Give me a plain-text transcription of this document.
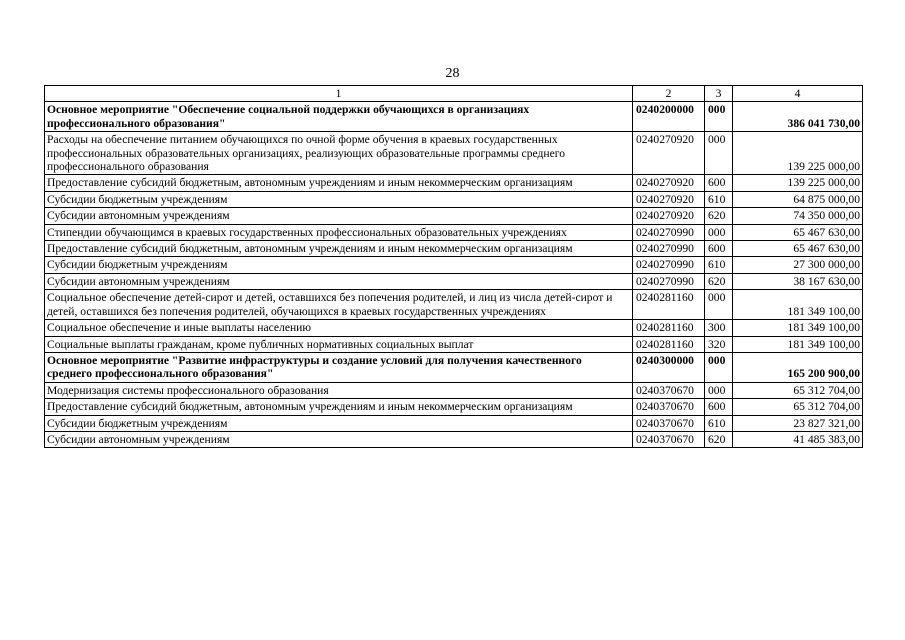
28
1	2	3	4
Основное мероприятие "Обеспечение социальной поддержки обучающихся в организациях профессионального образования"	0240200000	000	386 041 730,00
Расходы на обеспечение питанием обучающихся по очной форме обучения в краевых государственных профессиональных образовательных организациях, реализующих образовательные программы среднего профессионального образования	0240270920	000	139 225 000,00
Предоставление субсидий бюджетным, автономным учреждениям и иным некоммерческим организациям	0240270920	600	139 225 000,00
Субсидии бюджетным учреждениям	0240270920	610	64 875 000,00
Субсидии автономным учреждениям	0240270920	620	74 350 000,00
Стипендии обучающимся в краевых государственных профессиональных образовательных учреждениях	0240270990	000	65 467 630,00
Предоставление субсидий бюджетным, автономным учреждениям и иным некоммерческим организациям	0240270990	600	65 467 630,00
Субсидии бюджетным учреждениям	0240270990	610	27 300 000,00
Субсидии автономным учреждениям	0240270990	620	38 167 630,00
Социальное обеспечение детей-сирот и детей, оставшихся без попечения родителей, и лиц из числа детей-сирот и детей, оставшихся без попечения родителей, обучающихся в краевых государственных учреждениях	0240281160	000	181 349 100,00
Социальное обеспечение и иные выплаты населению	0240281160	300	181 349 100,00
Социальные выплаты гражданам, кроме публичных нормативных социальных выплат	0240281160	320	181 349 100,00
Основное мероприятие "Развитие инфраструктуры и создание условий для получения качественного среднего профессионального образования"	0240300000	000	165 200 900,00
Модернизация системы профессионального образования	0240370670	000	65 312 704,00
Предоставление субсидий бюджетным, автономным учреждениям и иным некоммерческим организациям	0240370670	600	65 312 704,00
Субсидии бюджетным учреждениям	0240370670	610	23 827 321,00
Субсидии автономным учреждениям	0240370670	620	41 485 383,00
